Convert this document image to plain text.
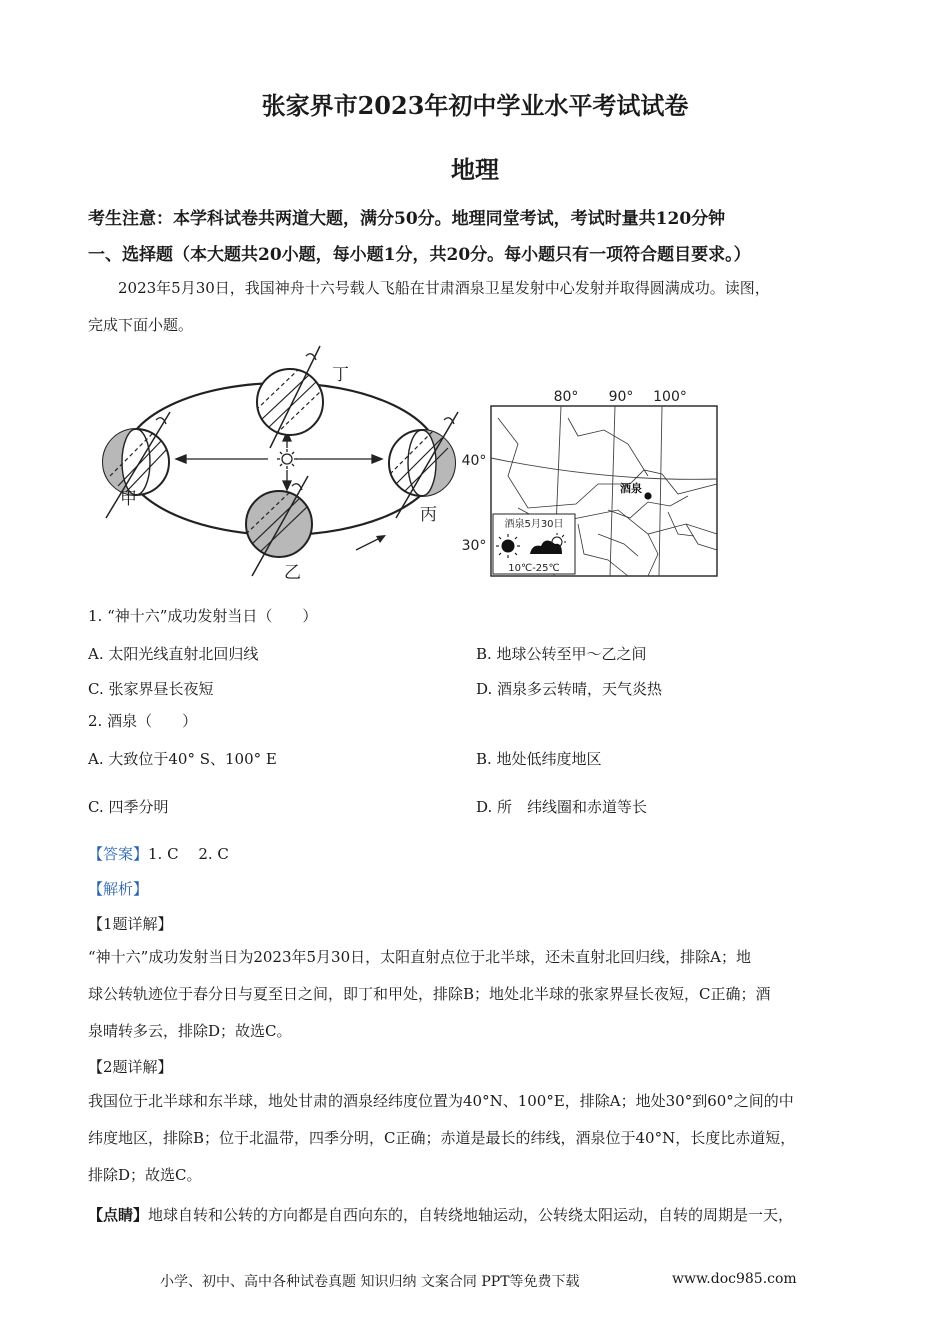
张家界市2023年初中学业水平考试试卷
地理
考生注意：本学科试卷共两道大题，满分50分。地理同堂考试，考试时量共120分钟
一、选择题（本大题共20小题，每小题1分，共20分。每小题只有一项符合题目要求。）
2023年5月30日，我国神舟十六号载人飞船在甘肃酒泉卫星发射中心发射并取得圆满成功。读图，
完成下面小题。
丁
甲
丙
乙
80° 90° 100°
40°
30°
酒泉
酒泉5月30日
10℃-25℃
1. “神十六”成功发射当日（　　）
A. 太阳光线直射北回归线	B. 地球公转至甲～乙之间
C. 张家界昼长夜短	D. 酒泉多云转晴，天气炎热
2. 酒泉（　　）
A. 大致位于40° S、100° E	B. 地处低纬度地区
C. 四季分明	D. 所　纬线圈和赤道等长
【答案】1. C　 2. C
【解析】
【1题详解】
“神十六”成功发射当日为2023年5月30日，太阳直射点位于北半球，还未直射北回归线，排除A；地
球公转轨迹位于春分日与夏至日之间，即丁和甲处，排除B；地处北半球的张家界昼长夜短，C正确；酒
泉晴转多云，排除D；故选C。
【2题详解】
我国位于北半球和东半球，地处甘肃的酒泉经纬度位置为40°N、100°E，排除A；地处30°到60°之间的中
纬度地区，排除B；位于北温带，四季分明，C正确；赤道是最长的纬线，酒泉位于40°N，长度比赤道短，
排除D；故选C。
【点睛】地球自转和公转的方向都是自西向东的，自转绕地轴运动，公转绕太阳运动，自转的周期是一天，
小学、初中、高中各种试卷真题 知识归纳 文案合同 PPT等免费下载	www.doc985.com
